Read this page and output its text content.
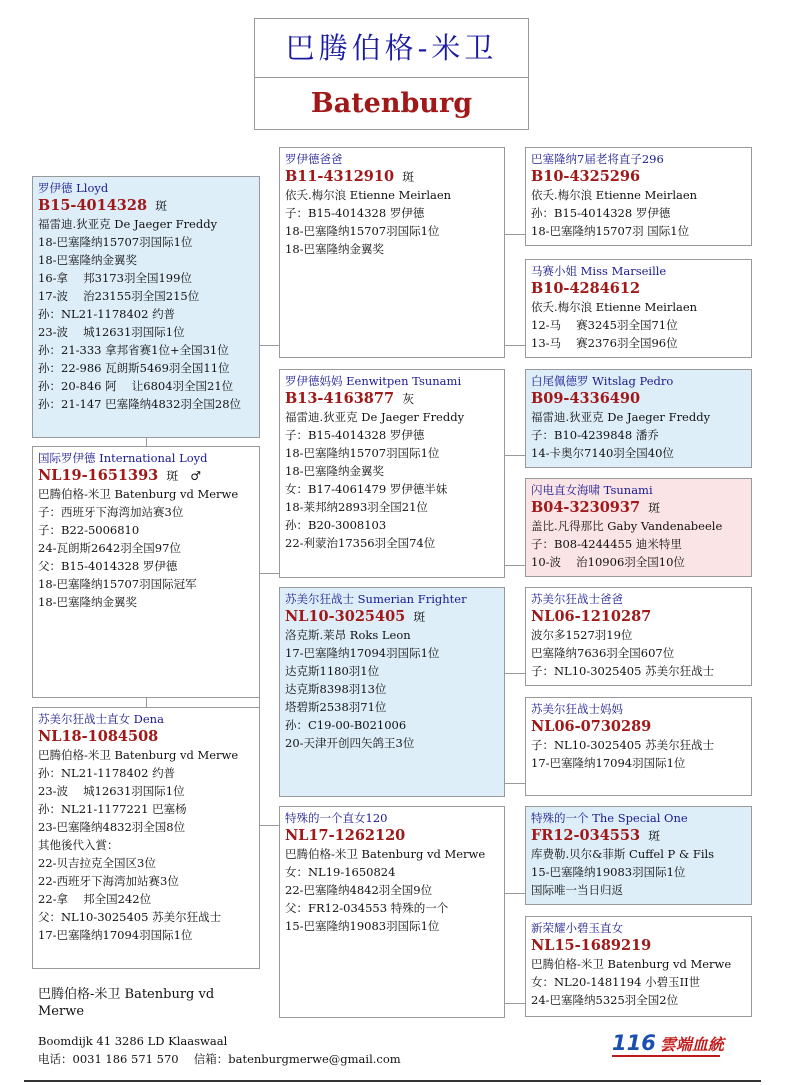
巴腾伯格-米卫
Batenburg
罗伊德 Lloyd
B15-4014328 斑
福雷迪.狄亚克 De Jaeger Freddy
18-巴塞隆纳15707羽国际1位
18-巴塞隆纳金翼奖
16-拿　 邦3173羽全国199位
17-波　 治23155羽全国215位
孙：NL21-1178402 约普
23-波　 城12631羽国际1位
孙：21-333 拿邦省赛1位+全国31位
孙：22-986 瓦朗斯5469羽全国11位
孙：20-846 阿　 让6804羽全国21位
孙：21-147 巴塞隆纳4832羽全国28位
国际罗伊德 International Loyd
NL19-1651393 斑　♂
巴腾伯格-米卫 Batenburg vd Merwe
子：西班牙下海湾加站赛3位
子：B22-5006810
24-瓦朗斯2642羽全国97位
父：B15-4014328 罗伊德
18-巴塞隆纳15707羽国际冠军
18-巴塞隆纳金翼奖
苏美尔狂战士直女 Dena
NL18-1084508
巴腾伯格-米卫 Batenburg vd Merwe
孙：NL21-1178402 约普
23-波　 城12631羽国际1位
孙：NL21-1177221 巴塞杨
23-巴塞隆纳4832羽全国8位
其他後代入賞：
22-贝吉拉克全国区3位
22-西班牙下海湾加站赛3位
22-拿　 邦全国242位
父：NL10-3025405 苏美尔狂战士
17-巴塞隆纳17094羽国际1位
罗伊德爸爸
B11-4312910 斑
依夭.梅尔浪 Etienne Meirlaen
子：B15-4014328 罗伊德
18-巴塞隆纳15707羽国际1位
18-巴塞隆纳金翼奖
罗伊德妈妈 Eenwitpen Tsunami
B13-4163877 灰
福雷迪.狄亚克 De Jaeger Freddy
子：B15-4014328 罗伊德
18-巴塞隆纳15707羽国际1位
18-巴塞隆纳金翼奖
女：B17-4061479 罗伊德半妹
18-莱邦纳2893羽全国21位
孙：B20-3008103
22-利蒙治17356羽全国74位
苏美尔狂战士 Sumerian Frighter
NL10-3025405 斑
洛克斯.莱昂 Roks Leon
17-巴塞隆纳17094羽国际1位
达克斯1180羽1位
达克斯8398羽13位
塔碧斯2538羽71位
孙：C19-00-B021006
20-天津开创四矢鸽王3位
特殊的一个直女120
NL17-1262120
巴腾伯格-米卫 Batenburg vd Merwe
女：NL19-1650824
22-巴塞隆纳4842羽全国9位
父：FR12-034553 特殊的一个
15-巴塞隆纳19083羽国际1位
巴塞隆纳7届老将直子296
B10-4325296
依夭.梅尔浪 Etienne Meirlaen
孙：B15-4014328 罗伊德
18-巴塞隆纳15707羽 国际1位
马赛小姐 Miss Marseille
B10-4284612
依夭.梅尔浪 Etienne Meirlaen
12-马　 赛3245羽全国71位
13-马　 赛2376羽全国96位
白尾佩德罗 Witslag Pedro
B09-4336490
福雷迪.狄亚克 De Jaeger Freddy
子：B10-4239848 潘乔
14-卡奥尔7140羽全国40位
闪电直女海啸 Tsunami
B04-3230937 斑
盖比.凡得那比 Gaby Vandenabeele
子：B08-4244455 迪米特里
10-波　 治10906羽全国10位
苏美尔狂战士爸爸
NL06-1210287
波尔多1527羽19位
巴塞隆纳7636羽全国607位
子：NL10-3025405 苏美尔狂战士
苏美尔狂战士妈妈
NL06-0730289
子：NL10-3025405 苏美尔狂战士
17-巴塞隆纳17094羽国际1位
特殊的一个 The Special One
FR12-034553 斑
库费勒.贝尔&菲斯 Cuffel P & Fils
15-巴塞隆纳19083羽国际1位
国际唯一当日归返
新荣耀小碧玉直女
NL15-1689219
巴腾伯格-米卫 Batenburg vd Merwe
女：NL20-1481194 小碧玉II世
24-巴塞隆纳5325羽全国2位
巴腾伯格-米卫 Batenburg vd Merwe
Boomdijk 41 3286 LD Klaaswaal
电话：0031 186 571 570　 信箱：batenburgmerwe@gmail.com
116 雲端血統
